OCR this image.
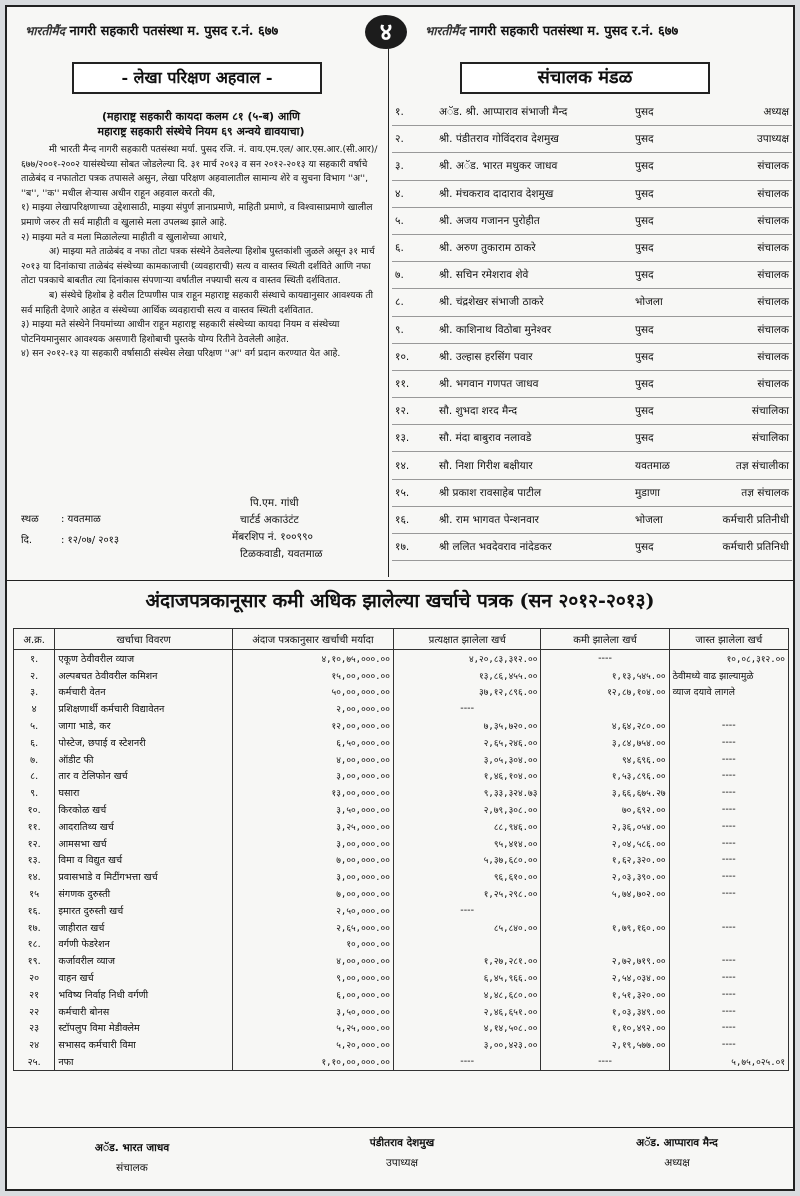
भारतीमैंद नागरी सहकारी पतसंस्था म. पुसद र.नं. ६७७	४	भारतीमैंद नागरी सहकारी पतसंस्था म. पुसद र.नं. ६७७
- लेखा परिक्षण अहवाल -
(महाराष्ट्र सहकारी कायदा कलम ८१ (५-ब) आणि
महाराष्ट्र सहकारी संस्थेचे नियम ६९ अन्वये द्यावयाचा)

मी भारती मैन्द नागरी सहकारी पतसंस्था मर्या. पुसद रजि. नं. वाय.एम.एल/ आर.एस.आर.(सी.आर)/६७७/२००१-२००२ यासंस्थेच्या सोबत जोडलेल्या दि. ३१ मार्च २०१३ व सन २०१२-२०१३ या सहकारी वर्षाचे ताळेबंद व नफातोटा पत्रक तपासले असुन, लेखा परिक्षण अहवालातील सामान्य शेरे व सुचना विभाग ''अ'', ''ब'', ''क'' मधील शेऱ्यास अधीन राहून अहवाल करतो की,

१) माझ्या लेखापरिक्षणाच्या उद्देशासाठी, माझ्या संपुर्ण ज्ञानाप्रमाणे, माहिती प्रमाणे, व विश्वासाप्रमाणे खालील प्रमाणे जरुर ती सर्व माहीती व खुलासे मला उपलब्ध झाले आहे.

२) माझ्या मते व मला मिळालेल्या माहीती व खुलाशेच्या आधारे,

अ) माझ्या मते ताळेबंद व नफा तोटा पत्रक संस्थेने ठेवलेल्या हिशोब पुस्तकांशी जुळले असून ३१ मार्च २०१३ या दिनांकाचा ताळेबंद संस्थेच्या कामकाजाची (व्यवहाराची) सत्य व वास्तव स्थिती दर्शविते आणि नफा तोटा पत्रकाचे बाबतीत त्या दिनांकास संपणाऱ्या वर्षातील नफ्याची सत्य व वास्तव स्थिती दर्शवितात.

ब) संस्थेचे हिशोब हे वरील टिप्पणीस पात्र राहून महाराष्ट्र सहकारी संस्थाचे कायद्यानुसार आवश्यक ती सर्व माहिती देणारे आहेत व संस्थेच्या आर्थिक व्यवहाराची सत्य व वास्तव स्थिती दर्शवितात.

३) माझ्या मते संस्थेने नियमांच्या आधीन राहून महाराष्ट्र सहकारी संस्थेच्या कायदा नियम व संस्थेच्या पोटनियमानुसार आवश्यक असणारी हिशोबाची पुस्तके योग्य रितीने ठेवलेली आहेत.

४) सन २०१२-१३ या सहकारी वर्षासाठी संस्थेस लेखा परिक्षण ''अ'' वर्ग प्रदान करण्यात येत आहे.

स्थळ : यवतमाळ
दि.	: १२/०७/ २०१३
पि.एम. गांधी
चार्टर्ड अकाउंटंट
मेंबरशिप नं. १००९९०
टिळकवाडी, यवतमाळ
संचालक मंडळ
१.	अॅड. श्री. आप्पाराव संभाजी मैन्द	पुसद	अध्यक्ष
२.	श्री. पंडीतराव गोविंदराव देशमुख	पुसद	उपाध्यक्ष
३.	श्री. अॅड. भारत मधुकर जाधव	पुसद	संचालक
४.	श्री. मंचकराव दादाराव देशमुख	पुसद	संचालक
५.	श्री. अजय गजानन पुरोहीत	पुसद	संचालक
६.	श्री. अरुण तुकाराम ठाकरे	पुसद	संचालक
७.	श्री. सचिन रमेशराव शेवे	पुसद	संचालक
८.	श्री. चंद्रशेखर संभाजी ठाकरे	भोजला	संचालक
९.	श्री. काशिनाथ विठोबा मुनेश्वर	पुसद	संचालक
१०.	श्री. उल्हास हरसिंग पवार	पुसद	संचालक
११.	श्री. भगवान गणपत जाधव	पुसद	संचालक
१२.	सौ. शुभदा शरद मैन्द	पुसद	संचालिका
१३.	सौ. मंदा बाबुराव नलावडे	पुसद	संचालिका
१४.	सौ. निशा गिरीश बक्षीयार	यवतमाळ	तज्ञ संचालीका
१५.	श्री प्रकाश रावसाहेब पाटील	मुडाणा	तज्ञ संचालक
१६.	श्री. राम भागवत पेन्शनवार	भोजला	कर्मचारी प्रतिनीधी
१७.	श्री ललित भवदेवराव नांदेडकर	पुसद	कर्मचारी प्रतिनिधी
अंदाजपत्रकानूसार कमी अधिक झालेल्या खर्चाचे पत्रक (सन २०१२-२०१३)
अ.क्र.	खर्चाचा विवरण	अंदाज पत्रकानुसार खर्चाची मर्यादा	प्रत्यक्षात झालेला खर्च	कमी झालेला खर्च	जास्त झालेला खर्च
१.	एकूण ठेवीवरील व्याज	४,१०,७५,०००.००	४,२०,८३,३१२.००	----	१०,०८,३१२.००
२.	अल्पबचत ठेवीवरील कमिशन	१५,००,०००.००	१३,८६,४५५.००	१,१३,५४५.००	ठेवीमध्ये वाढ झाल्यामुळे
३.	कर्मचारी वेतन	५०,००,०००.००	३७,१२,८९६.००	१२,८७,१०४.००	व्याज दयावे लागले
४	प्रशिक्षणार्थी कर्मचारी विद्यावेतन	२,००,०००.००	----		
५.	जागा भाडे, कर	१२,००,०००.००	७,३५,७२०.००	४,६४,२८०.००	----
६.	पोस्टेज, छपाई व स्टेशनरी	६,५०,०००.००	२,६५,२४६.००	३,८४,७५४.००	----
७.	ऑडीट फी	४,००,०००.००	३,०५,३०४.००	९४,६९६.००	----
८.	तार व टेलिफोन खर्च	३,००,०००.००	१,४६,१०४.००	१,५३,८९६.००	----
९.	घसारा	१३,००,०००.००	९,३३,३२४.७३	३,६६,६७५.२७	----
१०.	किरकोळ खर्च	३,५०,०००.००	२,७९,३०८.००	७०,६९२.००	----
११.	आदरातिथ्य खर्च	३,२५,०००.००	८८,९४६.००	२,३६,०५४.००	----
१२.	आमसभा खर्च	३,००,०००.००	९५,४१४.००	२,०४,५८६.००	----
१३.	विमा व विद्युत खर्च	७,००,०००.००	५,३७,६८०.००	१,६२,३२०.००	----
१४.	प्रवासभाडे व मिटींगभत्ता खर्च	३,००,०००.००	९६,६१०.००	२,०३,३९०.००	----
१५	संगणक दुरुस्ती	७,००,०००.००	१,२५,२९८.००	५,७४,७०२.००	----
१६.	इमारत दुरुस्ती खर्च	२,५०,०००.००	----		
१७.	जाहीरात खर्च	२,६५,०००.००	८५,८४०.००	१,७९,१६०.००	----
१८.	वर्गणी फेडरेशन	१०,०००.००			
१९.	कर्जावरील व्याज	४,००,०००.००	१,२७,२८१.००	२,७२,७१९.००	----
२०	वाहन खर्च	९,००,०००.००	६,४५,९६६.००	२,५४,०३४.००	----
२१	भविष्य निर्वाह निधी वर्गणी	६,००,०००.००	४,४८,६८०.००	१,५१,३२०.००	----
२२	कर्मचारी बोनस	३,५०,०००.००	२,४६,६५१.००	१,०३,३४९.००	----
२३	स्टॉपलुप विमा मेडीक्लेम	५,२५,०००.००	४,१४,५०८.००	१,१०,४९२.००	----
२४	सभासद कर्मचारी विमा	५,२०,०००.००	३,००,४२३.००	२,१९,५७७.००	----
२५.	नफा	१,१०,००,०००.००	----	----	५,७५,०२५.०१
अॅड. भारत जाधव
संचालक
पंडीतराव देशमुख
उपाध्यक्ष
अॅड. आप्पाराव मैन्द
अध्यक्ष
